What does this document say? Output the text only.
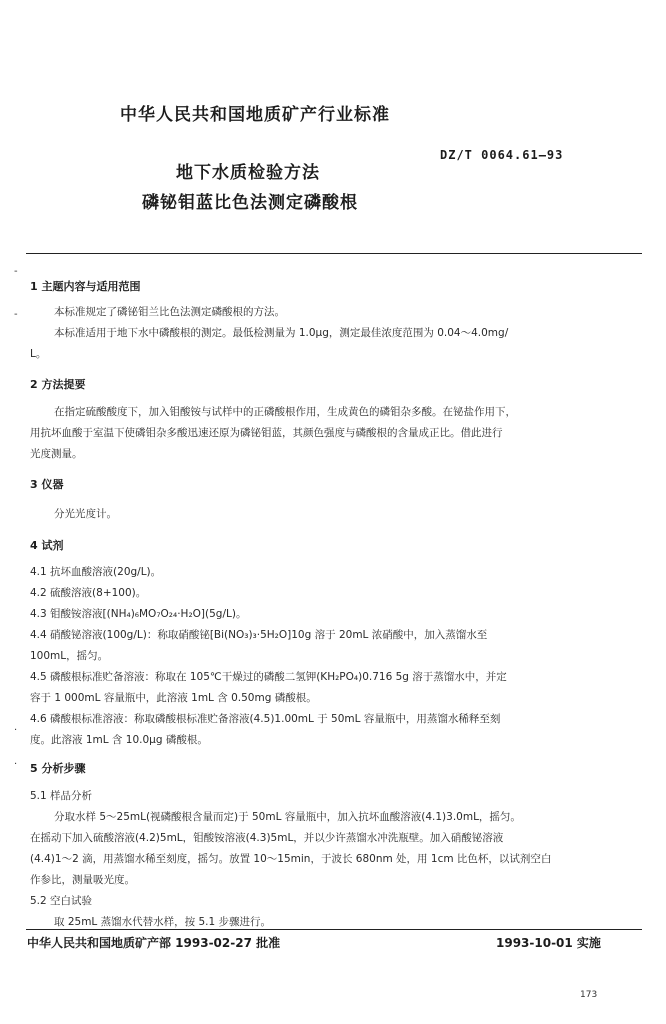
中华人民共和国地质矿产行业标准
地下水质检验方法
磷铋钼蓝比色法测定磷酸根
DZ/T 0064.61—93
-
-
.
.
1 主题内容与适用范围
本标准规定了磷铋钼兰比色法测定磷酸根的方法。
本标准适用于地下水中磷酸根的测定。最低检测量为 1.0μg，测定最佳浓度范围为 0.04～4.0mg/
L。
2 方法提要
在指定硫酸酸度下，加入钼酸铵与试样中的正磷酸根作用，生成黄色的磷钼杂多酸。在铋盐作用下，
用抗坏血酸于室温下使磷钼杂多酸迅速还原为磷铋钼蓝，其颜色强度与磷酸根的含量成正比。借此进行
光度测量。
3 仪器
分光光度计。
4 试剂
4.1 抗坏血酸溶液(20g/L)。
4.2 硫酸溶液(8+100)。
4.3 钼酸铵溶液[(NH₄)₆MO₇O₂₄·H₂O](5g/L)。
4.4 硝酸铋溶液(100g/L)：称取硝酸铋[Bi(NO₃)₃·5H₂O]10g 溶于 20mL 浓硝酸中，加入蒸馏水至
100mL，摇匀。
4.5 磷酸根标准贮备溶液：称取在 105℃干燥过的磷酸二氢钾(KH₂PO₄)0.716 5g 溶于蒸馏水中，并定
容于 1 000mL 容量瓶中，此溶液 1mL 含 0.50mg 磷酸根。
4.6 磷酸根标准溶液：称取磷酸根标准贮备溶液(4.5)1.00mL 于 50mL 容量瓶中，用蒸馏水稀释至刻
度。此溶液 1mL 含 10.0μg 磷酸根。
5 分析步骤
5.1 样品分析
分取水样 5～25mL(视磷酸根含量而定)于 50mL 容量瓶中，加入抗坏血酸溶液(4.1)3.0mL，摇匀。
在摇动下加入硫酸溶液(4.2)5mL，钼酸铵溶液(4.3)5mL，并以少许蒸馏水冲洗瓶壁。加入硝酸铋溶液
(4.4)1～2 滴，用蒸馏水稀至刻度，摇匀。放置 10～15min，于波长 680nm 处，用 1cm 比色杯，以试剂空白
作参比，测量吸光度。
5.2 空白试验
取 25mL 蒸馏水代替水样，按 5.1 步骤进行。
中华人民共和国地质矿产部 1993-02-27 批准	1993-10-01 实施
173
